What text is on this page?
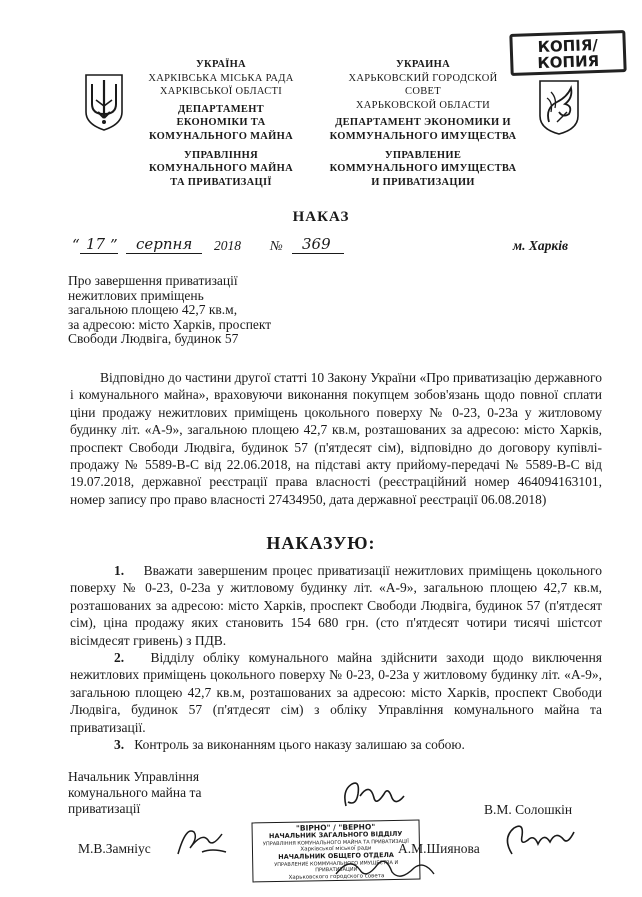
УКРАЇНА
ХАРКІВСЬКА МІСЬКА РАДА
ХАРКІВСЬКОЇ ОБЛАСТІ
ДЕПАРТАМЕНТ
ЕКОНОМІКИ ТА
КОМУНАЛЬНОГО МАЙНА
УПРАВЛІННЯ
КОМУНАЛЬНОГО МАЙНА
ТА ПРИВАТИЗАЦІЇ
УКРАИНА
ХАРЬКОВСКИЙ ГОРОДСКОЙ
СОВЕТ
ХАРЬКОВСКОЙ ОБЛАСТИ
ДЕПАРТАМЕНТ ЭКОНОМИКИ И
КОММУНАЛЬНОГО ИМУЩЕСТВА
УПРАВЛЕНИЕ
КОММУНАЛЬНОГО ИМУЩЕСТВА
И ПРИВАТИЗАЦИИ
КОПІЯ/
КОПИЯ
НАКАЗ
“ 17 ” серпня 2018 № 369	м. Харків
Про завершення приватизації
нежитлових приміщень
загальною площею 42,7 кв.м,
за адресою: місто Харків, проспект
Свободи Людвіга, будинок 57
Відповідно до частини другої статті 10 Закону України «Про приватизацію державного і комунального майна», враховуючи виконання покупцем зобов'язань щодо повної сплати ціни продажу нежитлових приміщень цокольного поверху № 0-23, 0-23а у житловому будинку літ. «А-9», загальною площею 42,7 кв.м, розташованих за адресою: місто Харків, проспект Свободи Людвіга, будинок 57 (п'ятдесят сім), відповідно до договору купівлі-продажу № 5589-В-С від 22.06.2018, на підставі акту прийому-передачі № 5589-В-С від 19.07.2018, державної реєстрації права власності (реєстраційний номер 464094163101, номер запису про право власності 27434950, дата державної реєстрації 06.08.2018)
НАКАЗУЮ:
1. Вважати завершеним процес приватизації нежитлових приміщень цокольного поверху № 0-23, 0-23а у житловому будинку літ. «А-9», загальною площею 42,7 кв.м, розташованих за адресою: місто Харків, проспект Свободи Людвіга, будинок 57 (п'ятдесят сім), ціна продажу яких становить 154 680 грн. (сто п'ятдесят чотири тисячі шістсот вісімдесят гривень) з ПДВ.
2. Відділу обліку комунального майна здійснити заходи щодо виключення нежитлових приміщень цокольного поверху № 0-23, 0-23а у житловому будинку літ. «А-9», загальною площею 42,7 кв.м, розташованих за адресою: місто Харків, проспект Свободи Людвіга, будинок 57 (п'ятдесят сім) з обліку Управління комунального майна та приватизації.
3. Контроль за виконанням цього наказу залишаю за собою.
Начальник Управління
комунального майна та
приватизації	В.М. Солошкін
М.В.Замніус	А.М.Шиянова
"ВІРНО" / "ВЕРНО"
НАЧАЛЬНИК ЗАГАЛЬНОГО ВІДДІЛУ
УПРАВЛІННЯ КОМУНАЛЬНОГО МАЙНА ТА ПРИВАТИЗАЦІЇ
Харківської міської ради
НАЧАЛЬНИК ОБЩЕГО ОТДЕЛА
УПРАВЛЕНИЕ КОММУНАЛЬНОГО ИМУЩЕСТВА И ПРИВАТИЗАЦИИ
Харьковского городского совета
